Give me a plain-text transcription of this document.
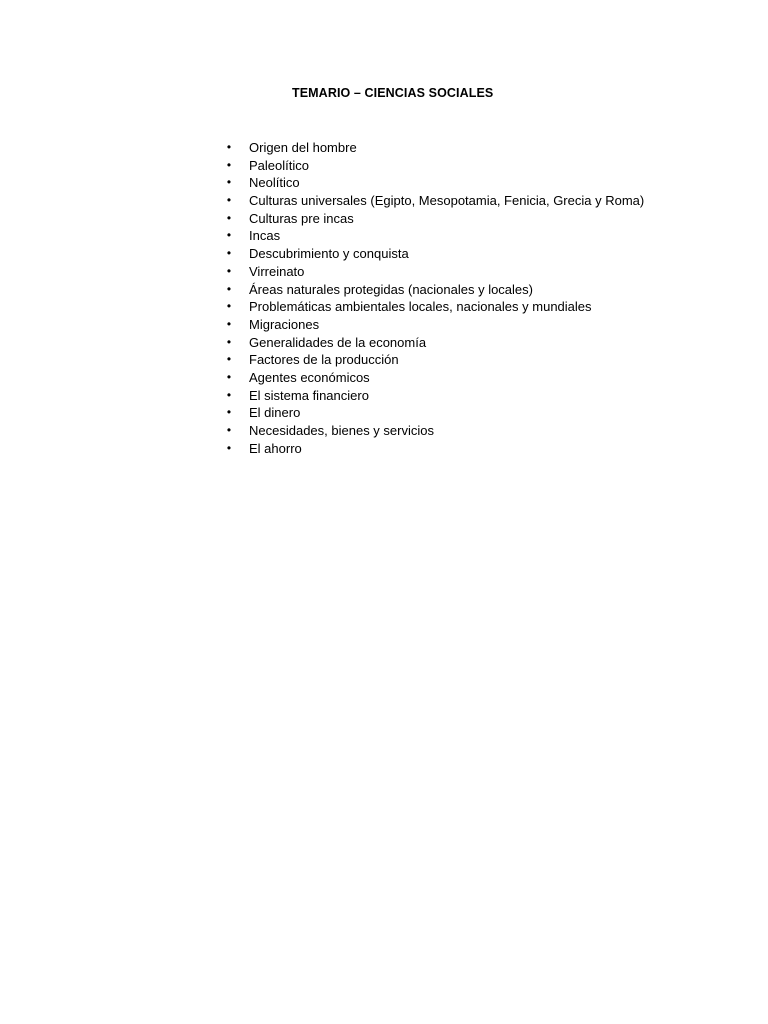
TEMARIO – CIENCIAS SOCIALES
•	Origen del hombre
•	Paleolítico
•	Neolítico
•	Culturas universales (Egipto, Mesopotamia, Fenicia, Grecia y Roma)
•	Culturas pre incas
•	Incas
•	Descubrimiento y conquista
•	Virreinato
•	Áreas naturales protegidas (nacionales y locales)
•	Problemáticas ambientales locales, nacionales y mundiales
•	Migraciones
•	Generalidades de la economía
•	Factores de la producción
•	Agentes económicos
•	El sistema financiero
•	El dinero
•	Necesidades, bienes y servicios
•	El ahorro
